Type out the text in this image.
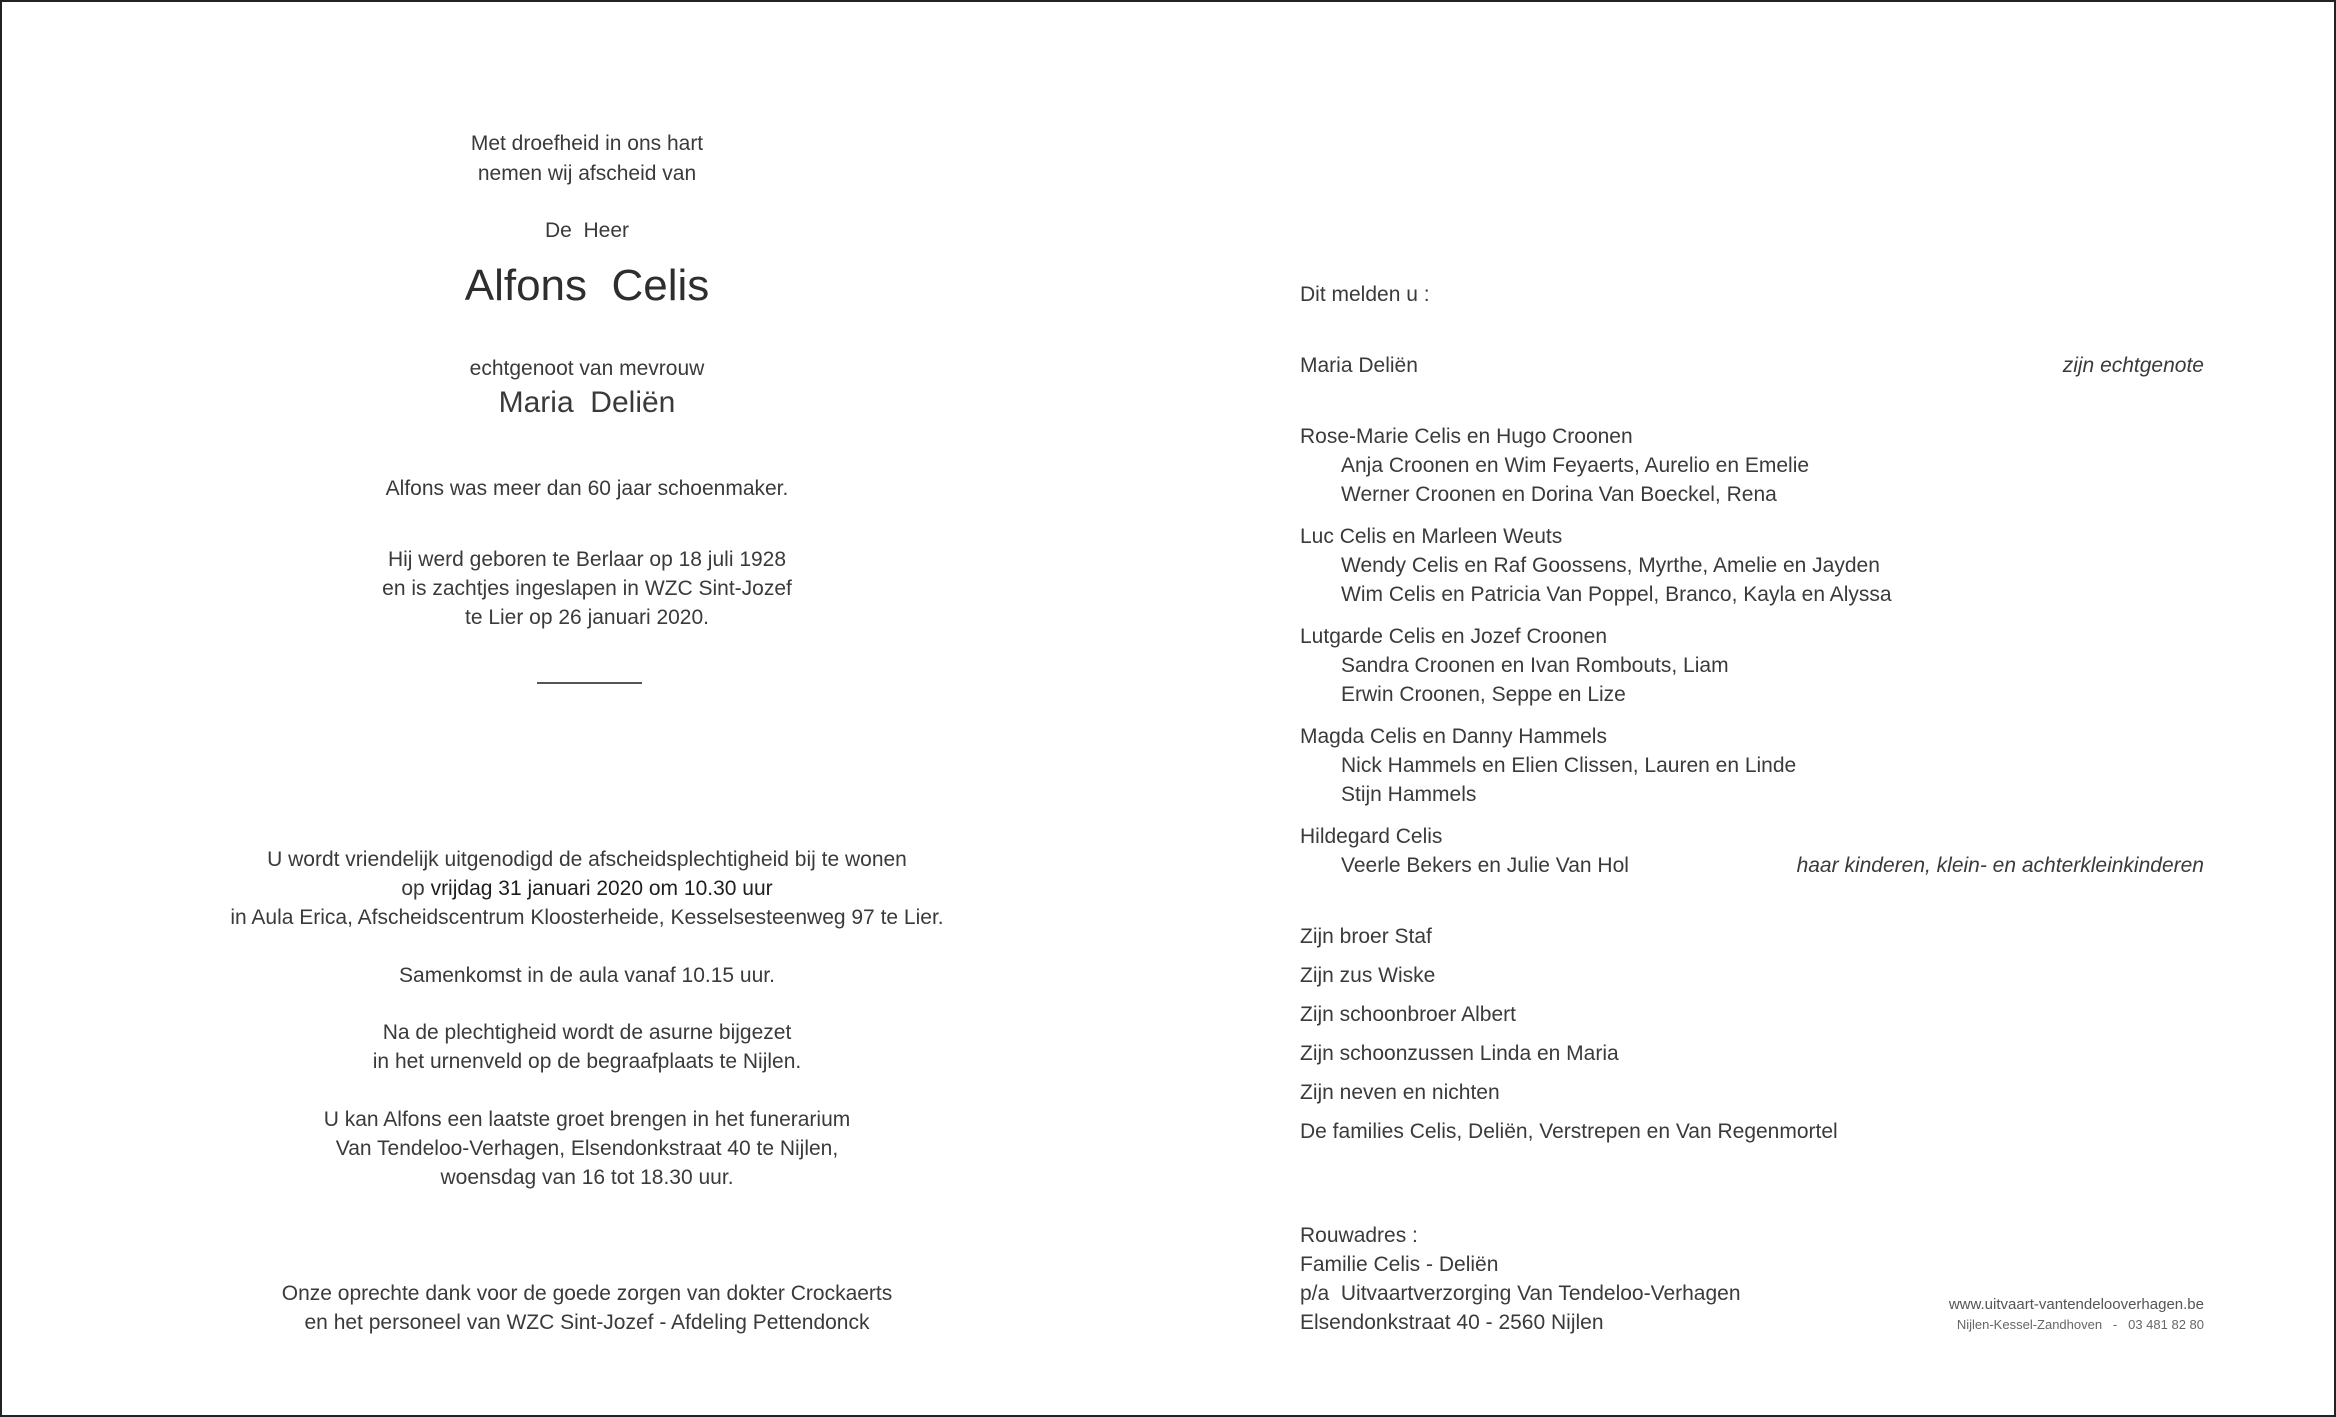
Met droefheid in ons hart
nemen wij afscheid van
De  Heer
Alfons  Celis
echtgenoot van mevrouw
Maria  Deliën
Alfons was meer dan 60 jaar schoenmaker.
Hij werd geboren te Berlaar op 18 juli 1928
en is zachtjes ingeslapen in WZC Sint-Jozef
te Lier op 26 januari 2020.
U wordt vriendelijk uitgenodigd de afscheidsplechtigheid bij te wonen
op vrijdag 31 januari 2020 om 10.30 uur
in Aula Erica, Afscheidscentrum Kloosterheide, Kesselsesteenweg 97 te Lier.
Samenkomst in de aula vanaf 10.15 uur.
Na de plechtigheid wordt de asurne bijgezet
in het urnenveld op de begraafplaats te Nijlen.
U kan Alfons een laatste groet brengen in het funerarium
Van Tendeloo-Verhagen, Elsendonkstraat 40 te Nijlen,
woensdag van 16 tot 18.30 uur.
Onze oprechte dank voor de goede zorgen van dokter Crockaerts
en het personeel van WZC Sint-Jozef - Afdeling Pettendonck
Dit melden u :
Maria Deliën	zijn echtgenote
Rose-Marie Celis en Hugo Croonen
Anja Croonen en Wim Feyaerts, Aurelio en Emelie
Werner Croonen en Dorina Van Boeckel, Rena
Luc Celis en Marleen Weuts
Wendy Celis en Raf Goossens, Myrthe, Amelie en Jayden
Wim Celis en Patricia Van Poppel, Branco, Kayla en Alyssa
Lutgarde Celis en Jozef Croonen
Sandra Croonen en Ivan Rombouts, Liam
Erwin Croonen, Seppe en Lize
Magda Celis en Danny Hammels
Nick Hammels en Elien Clissen, Lauren en Linde
Stijn Hammels
Hildegard Celis
Veerle Bekers en Julie Van Hol	haar kinderen, klein- en achterkleinkinderen
Zijn broer Staf
Zijn zus Wiske
Zijn schoonbroer Albert
Zijn schoonzussen Linda en Maria
Zijn neven en nichten
De families Celis, Deliën, Verstrepen en Van Regenmortel
Rouwadres :
Familie Celis - Deliën
p/a  Uitvaartverzorging Van Tendeloo-Verhagen
Elsendonkstraat 40 - 2560 Nijlen
www.uitvaart-vantendelooverhagen.be
Nijlen-Kessel-Zandhoven   -   03 481 82 80
